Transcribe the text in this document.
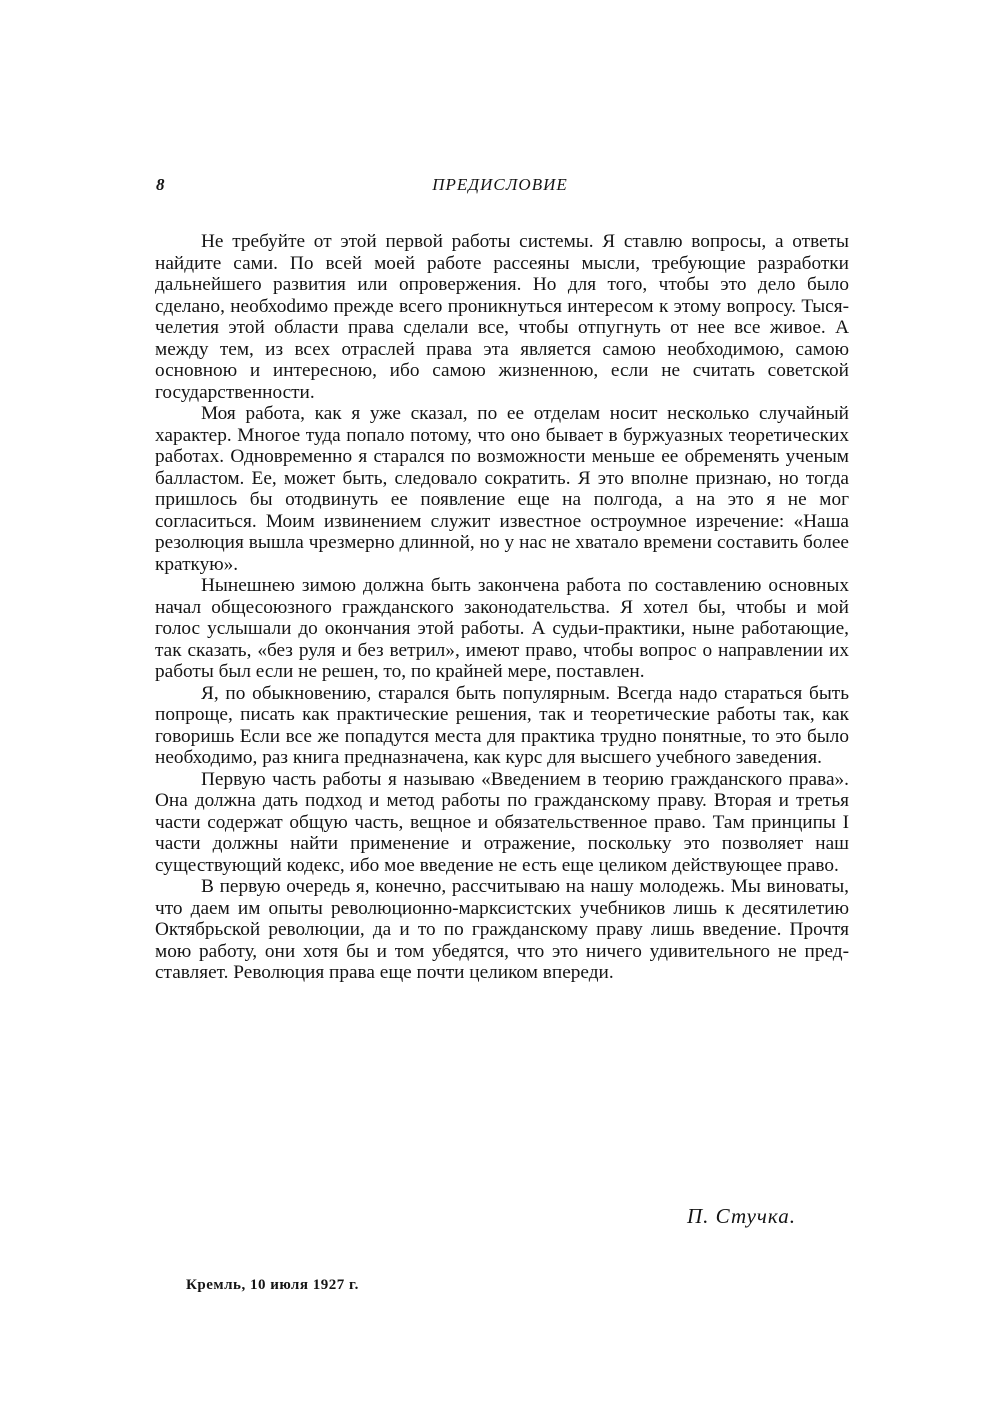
8	ПРЕДИСЛОВИЕ

Не требуйте от этой первой работы системы. Я ставлю вопросы, а ответы найдите сами. По всей моей работе рассеяны мысли, требующие разработки дальнейшего развития или опровержения. Но для того, чтобы это дело было сделано, необхоdимо прежде всего проникнуться интересом к этому вопросу. Тысячелетия этой области права сделали все, чтобы отпугнуть от нее все живое. А между тем, из всех отраслей права эта является самою необходимою, самою основною и интересною, ибо самою жизненною, если не считать советской государственности.

Моя работа, как я уже сказал, по ее отделам носит несколько случайный характер. Многое туда попало потому, что оно бывает в буржуазных теоретических работах. Одновременно я старался по возможности меньше ее обременять ученым балластом. Ее, может быть, следовало сократить. Я это вполне признаю, но тогда пришлось бы отодвинуть ее появление еще на полгода, а на это я не мог согласиться. Моим извинением служит известное остроумное изречение: «Наша резолюция вышла чрезмерно длинной, но у нас не хватало времени составить более краткую».

Нынешнею зимою должна быть закончена работа по составлению основных начал общесоюзного гражданского законодательства. Я хотел бы, чтобы и мой голос услышали до окончания этой работы. А судьи-практики, ныне работающие, так сказать, «без руля и без ветрил», имеют право, чтобы вопрос о направлении их работы был если не решен, то, по крайней мере, поставлен.

Я, по обыкновению, старался быть популярным. Всегда надо стараться быть попроще, писать как практические решения, так и теоретические работы так, как говоришь Если все же попадутся места для практика трудно понятные, то это было необходимо, раз книга предназначена, как курс для высшего учебного заведения.

Первую часть работы я называю «Введением в теорию гражданского права». Она должна дать подход и метод работы по гражданскому праву. Вторая и третья части содержат общую часть, вещное и обязательственное право. Там принципы I части должны найти применение и отражение, поскольку это позволяет наш существующий кодекс, ибо мое введение не есть еще целиком действующее право.

В первую очередь я, конечно, рассчитываю на нашу молодежь. Мы виноваты, что даем им опыты революционно-марксистских учебников лишь к десятилетию Октябрьской революции, да и то по гражданскому праву лишь введение. Прочтя мою работу, они хотя бы и том убедятся, что это ничего удивительного не представляет. Революция права еще почти целиком впереди.

П. Стучка.
Кремль, 10 июля 1927 г.
